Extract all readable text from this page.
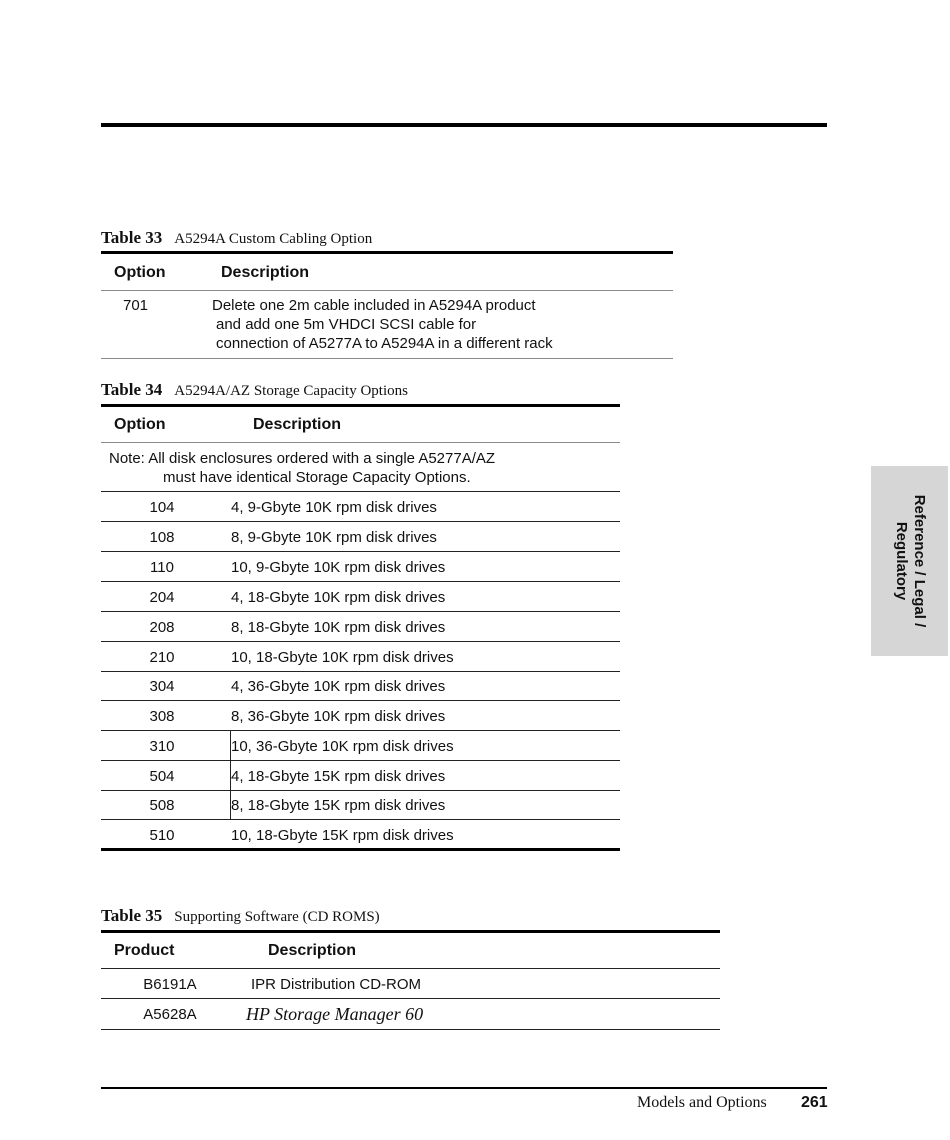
Table 33 A5294A Custom Cabling Option
Option	Description
701	Delete one 2m cable included in A5294A product
and add one 5m VHDCI SCSI cable for
connection of A5277A to A5294A in a different rack
Table 34 A5294A/AZ Storage Capacity Options
Option	Description
Note: All disk enclosures ordered with a single A5277A/AZ
must have identical Storage Capacity Options.
104	4, 9-Gbyte 10K rpm disk drives
108	8, 9-Gbyte 10K rpm disk drives
110	10, 9-Gbyte 10K rpm disk drives
204	4, 18-Gbyte 10K rpm disk drives
208	8, 18-Gbyte 10K rpm disk drives
210	10, 18-Gbyte 10K rpm disk drives
304	4, 36-Gbyte 10K rpm disk drives
308	8, 36-Gbyte 10K rpm disk drives
310	10, 36-Gbyte 10K rpm disk drives
504	4, 18-Gbyte 15K rpm disk drives
508	8, 18-Gbyte 15K rpm disk drives
510	10, 18-Gbyte 15K rpm disk drives
Table 35 Supporting Software (CD ROMS)
Product	Description
B6191A	IPR Distribution CD-ROM
A5628A	HP Storage Manager 60
Reference / Legal /
Regulatory
Models and Options 261
